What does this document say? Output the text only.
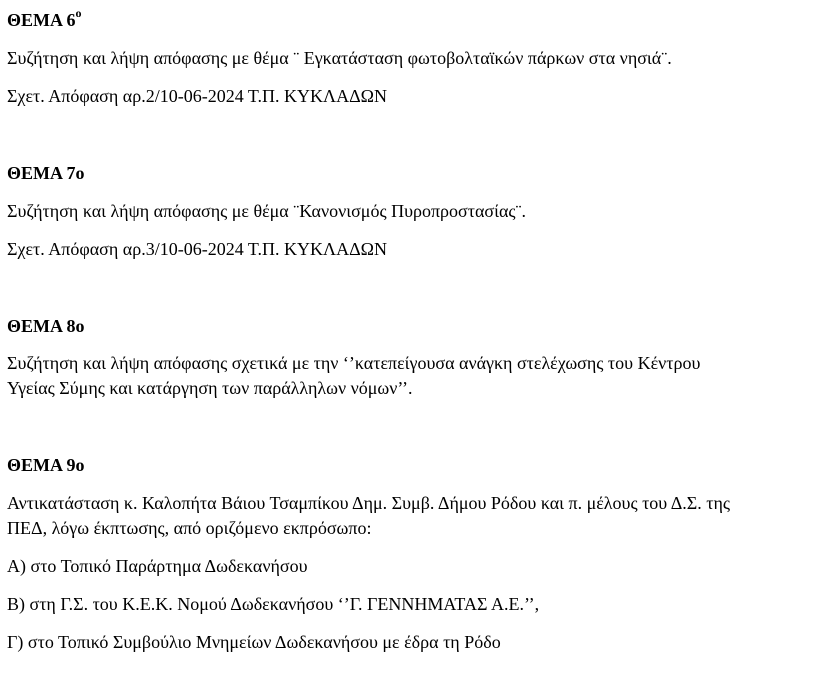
ΘΕΜΑ $6^o$
Συζήτηση και λήψη απόφασης με θέμα ¨ Εγκατάσταση φωτοβολταϊκών πάρκων στα νησιά¨.
Σχετ. Απόφαση αρ.2/10-06-2024 Τ.Π. ΚΥΚΛΑΔΩΝ
ΘΕΜΑ 7ο
Συζήτηση και λήψη απόφασης με θέμα ¨Κανονισμός Πυροπροστασίας¨.
Σχετ. Απόφαση αρ.3/10-06-2024 Τ.Π. ΚΥΚΛΑΔΩΝ
ΘΕΜΑ 8ο
Συζήτηση και λήψη απόφασης σχετικά με την ‘’κατεπείγουσα ανάγκη στελέχωσης του Κέντρου
Υγείας Σύμης και κατάργηση των παράλληλων νόμων’’.
ΘΕΜΑ 9ο
Αντικατάσταση κ. Καλοπήτα Βάιου Τσαμπίκου Δημ. Συμβ. Δήμου Ρόδου και π. μέλους του Δ.Σ. της
ΠΕΔ, λόγω έκπτωσης, από οριζόμενο εκπρόσωπο:
Α) στο Τοπικό Παράρτημα Δωδεκανήσου
Β) στη Γ.Σ. του Κ.Ε.Κ. Νομού Δωδεκανήσου ‘’Γ. ΓΕΝΝΗΜΑΤΑΣ Α.Ε.’’,
Γ) στο Τοπικό Συμβούλιο Μνημείων Δωδεκανήσου με έδρα τη Ρόδο
